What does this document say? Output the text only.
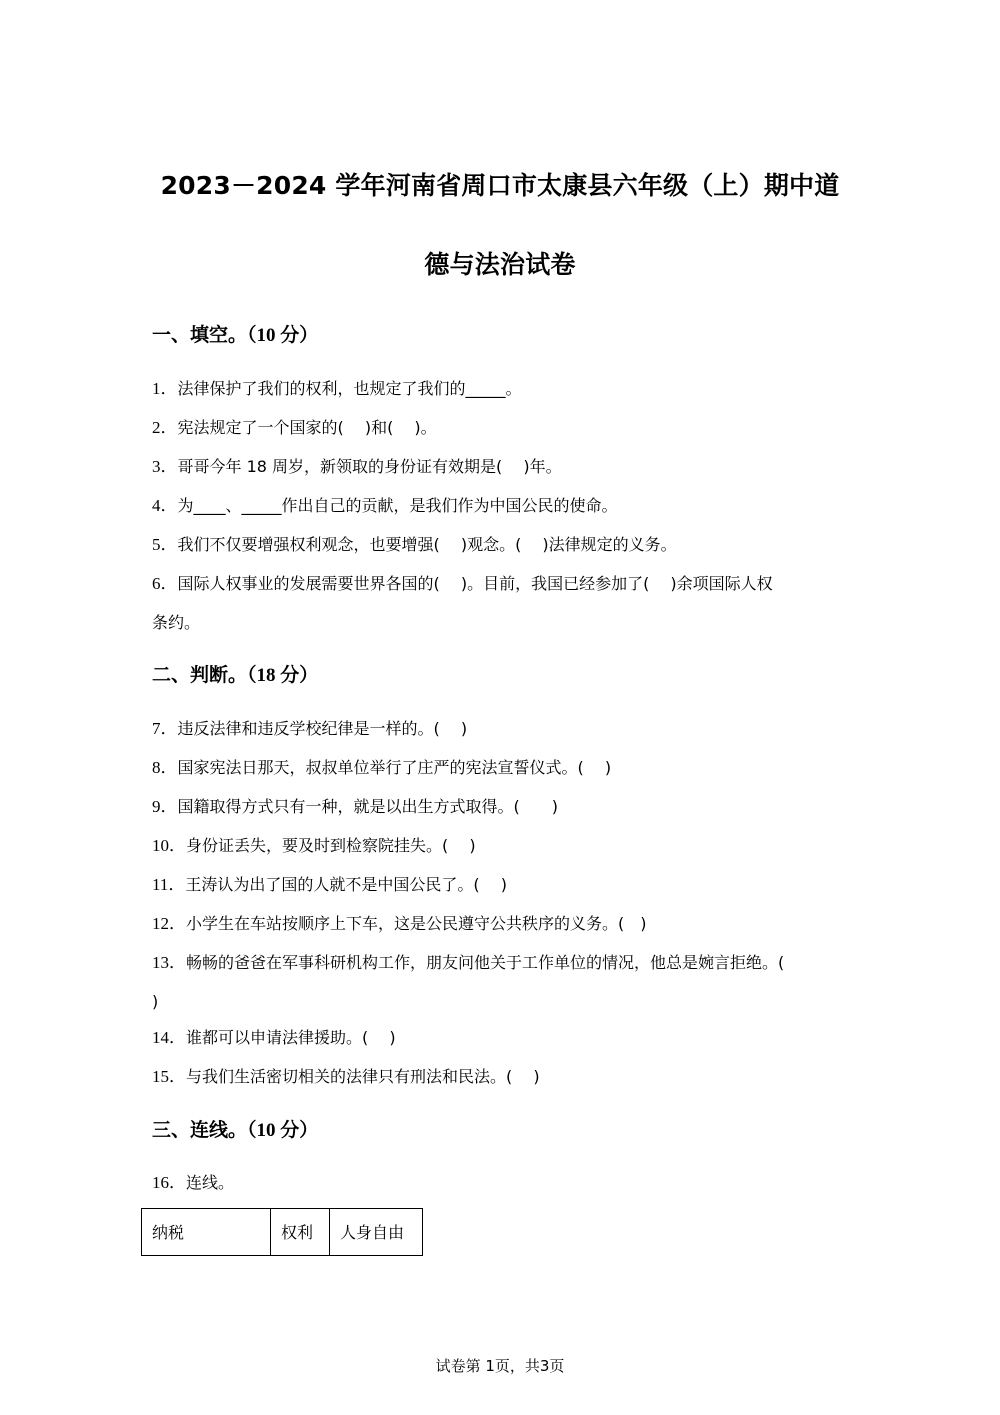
2023－2024 学年河南省周口市太康县六年级（上）期中道
德与法治试卷
一、填空。（10 分）
1．法律保护了我们的权利，也规定了我们的_____。
2．宪法规定了一个国家的(　 )和(　 )。
3．哥哥今年 18 周岁，新领取的身份证有效期是(　 )年。
4．为____、_____作出自己的贡献，是我们作为中国公民的使命。
5．我们不仅要增强权利观念，也要增强(　 )观念。(　 )法律规定的义务。
6．国际人权事业的发展需要世界各国的(　 )。目前，我国已经参加了(　 )余项国际人权
条约。
二、判断。（18 分）
7．违反法律和违反学校纪律是一样的。(　 )
8．国家宪法日那天，叔叔单位举行了庄严的宪法宣誓仪式。(　 )
9．国籍取得方式只有一种，就是以出生方式取得。(　　)
10．身份证丢失，要及时到检察院挂失。(　 )
11．王涛认为出了国的人就不是中国公民了。(　 )
12．小学生在车站按顺序上下车，这是公民遵守公共秩序的义务。(　)
13．畅畅的爸爸在军事科研机构工作，朋友问他关于工作单位的情况，他总是婉言拒绝。(
)
14．谁都可以申请法律援助。(　 )
15．与我们生活密切相关的法律只有刑法和民法。(　 )
三、连线。（10 分）
16．连线。
纳税	权利	人身自由
试卷第 1页，共3页
